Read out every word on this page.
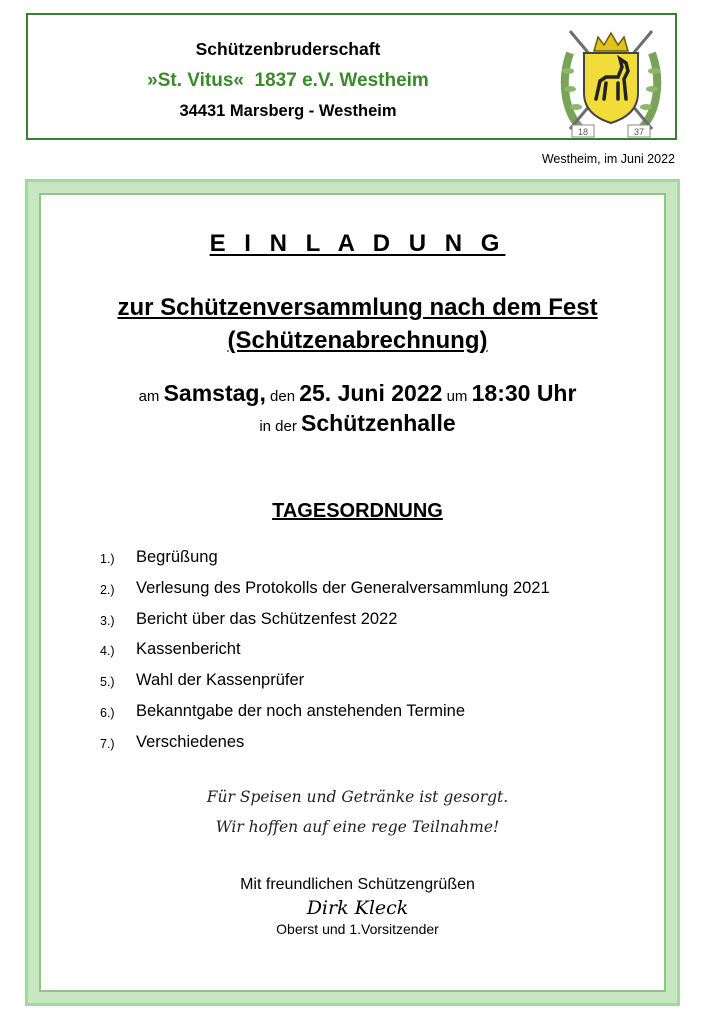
Schützenbruderschaft
»St. Vitus«  1837 e.V. Westheim
34431 Marsberg - Westheim
18	37
Westheim, im Juni 2022
E I N L A D U N G
zur Schützenversammlung nach dem Fest
(Schützenabrechnung)
am Samstag, den 25. Juni 2022 um 18:30 Uhr
in der Schützenhalle
TAGESORDNUNG
1.)	Begrüßung
2.)	Verlesung des Protokolls der Generalversammlung 2021
3.)	Bericht über das Schützenfest 2022
4.)	Kassenbericht
5.)	Wahl der Kassenprüfer
6.)	Bekanntgabe der noch anstehenden Termine
7.)	Verschiedenes
Für Speisen und Getränke ist gesorgt.
Wir hoffen auf eine rege Teilnahme!
Mit freundlichen Schützengrüßen
Dirk Kleck
Oberst und 1.Vorsitzender
